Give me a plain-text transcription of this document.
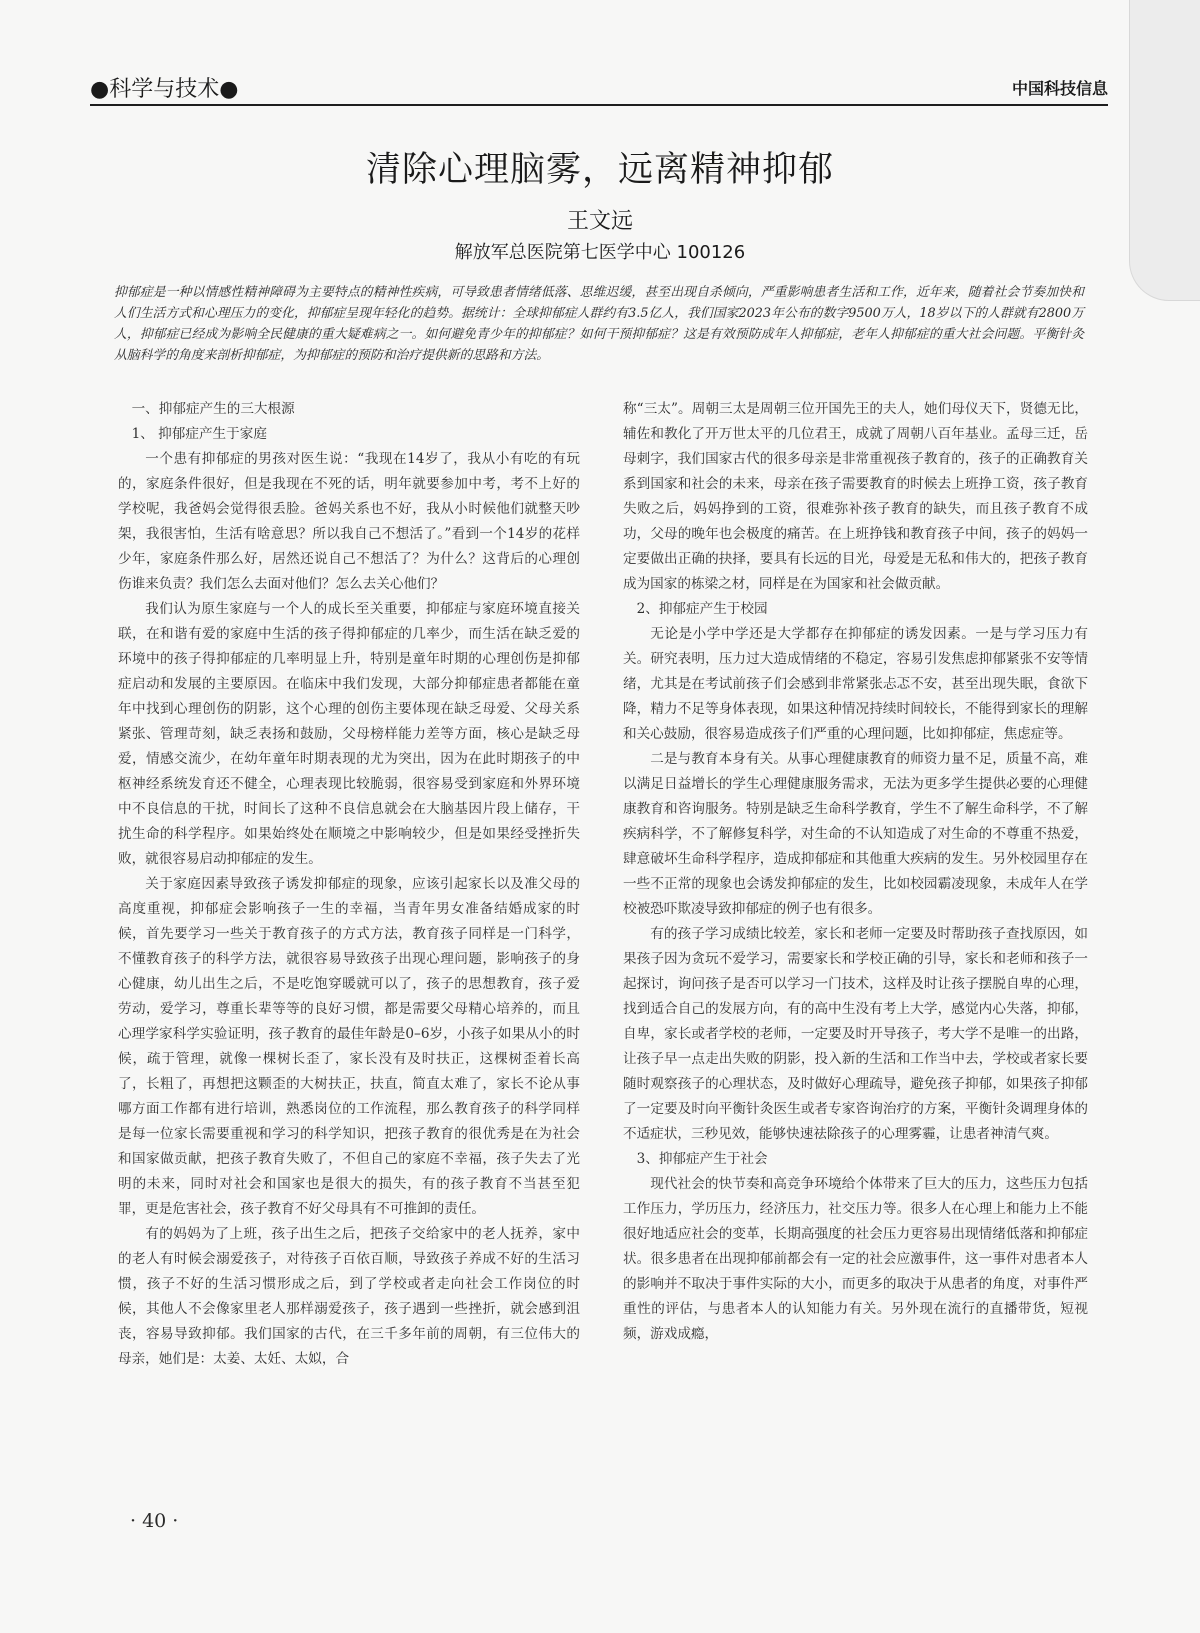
●科学与技术●	中国科技信息
清除心理脑雾，远离精神抑郁
王文远
解放军总医院第七医学中心 100126

抑郁症是一种以情感性精神障碍为主要特点的精神性疾病，可导致患者情绪低落、思维迟缓，甚至出现自杀倾向，严重影响患者生活和工作，近年来，随着社会节奏加快和人们生活方式和心理压力的变化，抑郁症呈现年轻化的趋势。据统计：全球抑郁症人群约有3.5亿人，我们国家2023年公布的数字9500万人，18岁以下的人群就有2800万人，抑郁症已经成为影响全民健康的重大疑难病之一。如何避免青少年的抑郁症？如何干预抑郁症？这是有效预防成年人抑郁症，老年人抑郁症的重大社会问题。平衡针灸从脑科学的角度来剖析抑郁症，为抑郁症的预防和治疗提供新的思路和方法。

一、抑郁症产生的三大根源

1、 抑郁症产生于家庭

一个患有抑郁症的男孩对医生说：“我现在14岁了，我从小有吃的有玩的，家庭条件很好，但是我现在不死的话，明年就要参加中考，考不上好的学校呢，我爸妈会觉得很丢脸。爸妈关系也不好，我从小时候他们就整天吵架，我很害怕，生活有啥意思？所以我自己不想活了。”看到一个14岁的花样少年，家庭条件那么好，居然还说自己不想活了？为什么？这背后的心理创伤谁来负责？我们怎么去面对他们？怎么去关心他们？

我们认为原生家庭与一个人的成长至关重要，抑郁症与家庭环境直接关联，在和谐有爱的家庭中生活的孩子得抑郁症的几率少，而生活在缺乏爱的环境中的孩子得抑郁症的几率明显上升，特别是童年时期的心理创伤是抑郁症启动和发展的主要原因。在临床中我们发现，大部分抑郁症患者都能在童年中找到心理创伤的阴影，这个心理的创伤主要体现在缺乏母爱、父母关系紧张、管理苛刻，缺乏表扬和鼓励，父母榜样能力差等方面，核心是缺乏母爱，情感交流少，在幼年童年时期表现的尤为突出，因为在此时期孩子的中枢神经系统发育还不健全，心理表现比较脆弱，很容易受到家庭和外界环境中不良信息的干扰，时间长了这种不良信息就会在大脑基因片段上储存，干扰生命的科学程序。如果始终处在顺境之中影响较少，但是如果经受挫折失败，就很容易启动抑郁症的发生。

关于家庭因素导致孩子诱发抑郁症的现象，应该引起家长以及准父母的高度重视，抑郁症会影响孩子一生的幸福，当青年男女准备结婚成家的时候，首先要学习一些关于教育孩子的方式方法，教育孩子同样是一门科学，不懂教育孩子的科学方法，就很容易导致孩子出现心理问题，影响孩子的身心健康，幼儿出生之后，不是吃饱穿暖就可以了，孩子的思想教育，孩子爱劳动，爱学习，尊重长辈等等的良好习惯，都是需要父母精心培养的，而且心理学家科学实验证明，孩子教育的最佳年龄是0–6岁，小孩子如果从小的时候，疏于管理，就像一棵树长歪了，家长没有及时扶正，这棵树歪着长高了，长粗了，再想把这颗歪的大树扶正，扶直，简直太难了，家长不论从事哪方面工作都有进行培训，熟悉岗位的工作流程，那么教育孩子的科学同样是每一位家长需要重视和学习的科学知识，把孩子教育的很优秀是在为社会和国家做贡献，把孩子教育失败了，不但自己的家庭不幸福，孩子失去了光明的未来，同时对社会和国家也是很大的损失，有的孩子教育不当甚至犯罪，更是危害社会，孩子教育不好父母具有不可推卸的责任。

有的妈妈为了上班，孩子出生之后，把孩子交给家中的老人抚养，家中的老人有时候会溺爱孩子，对待孩子百依百顺，导致孩子养成不好的生活习惯，孩子不好的生活习惯形成之后，到了学校或者走向社会工作岗位的时候，其他人不会像家里老人那样溺爱孩子，孩子遇到一些挫折，就会感到沮丧，容易导致抑郁。我们国家的古代，在三千多年前的周朝，有三位伟大的母亲，她们是：太姜、太妊、太姒，合

称“三太”。周朝三太是周朝三位开国先王的夫人，她们母仪天下，贤德无比，辅佐和教化了开万世太平的几位君王，成就了周朝八百年基业。孟母三迁，岳母刺字，我们国家古代的很多母亲是非常重视孩子教育的，孩子的正确教育关系到国家和社会的未来，母亲在孩子需要教育的时候去上班挣工资，孩子教育失败之后，妈妈挣到的工资，很难弥补孩子教育的缺失，而且孩子教育不成功，父母的晚年也会极度的痛苦。在上班挣钱和教育孩子中间，孩子的妈妈一定要做出正确的抉择，要具有长远的目光，母爱是无私和伟大的，把孩子教育成为国家的栋梁之材，同样是在为国家和社会做贡献。

2、抑郁症产生于校园

无论是小学中学还是大学都存在抑郁症的诱发因素。一是与学习压力有关。研究表明，压力过大造成情绪的不稳定，容易引发焦虑抑郁紧张不安等情绪，尤其是在考试前孩子们会感到非常紧张忐忑不安，甚至出现失眠，食欲下降，精力不足等身体表现，如果这种情况持续时间较长，不能得到家长的理解和关心鼓励，很容易造成孩子们严重的心理问题，比如抑郁症，焦虑症等。

二是与教育本身有关。从事心理健康教育的师资力量不足，质量不高，难以满足日益增长的学生心理健康服务需求，无法为更多学生提供必要的心理健康教育和咨询服务。特别是缺乏生命科学教育，学生不了解生命科学，不了解疾病科学，不了解修复科学，对生命的不认知造成了对生命的不尊重不热爱，肆意破坏生命科学程序，造成抑郁症和其他重大疾病的发生。另外校园里存在一些不正常的现象也会诱发抑郁症的发生，比如校园霸凌现象，未成年人在学校被恐吓欺凌导致抑郁症的例子也有很多。

有的孩子学习成绩比较差，家长和老师一定要及时帮助孩子查找原因，如果孩子因为贪玩不爱学习，需要家长和学校正确的引导，家长和老师和孩子一起探讨，询问孩子是否可以学习一门技术，这样及时让孩子摆脱自卑的心理，找到适合自己的发展方向，有的高中生没有考上大学，感觉内心失落，抑郁，自卑，家长或者学校的老师，一定要及时开导孩子，考大学不是唯一的出路，让孩子早一点走出失败的阴影，投入新的生活和工作当中去，学校或者家长要随时观察孩子的心理状态，及时做好心理疏导，避免孩子抑郁，如果孩子抑郁了一定要及时向平衡针灸医生或者专家咨询治疗的方案，平衡针灸调理身体的不适症状，三秒见效，能够快速祛除孩子的心理雾霾，让患者神清气爽。

3、抑郁症产生于社会

现代社会的快节奏和高竞争环境给个体带来了巨大的压力，这些压力包括工作压力，学历压力，经济压力，社交压力等。很多人在心理上和能力上不能很好地适应社会的变革，长期高强度的社会压力更容易出现情绪低落和抑郁症状。很多患者在出现抑郁前都会有一定的社会应激事件，这一事件对患者本人的影响并不取决于事件实际的大小，而更多的取决于从患者的角度，对事件严重性的评估，与患者本人的认知能力有关。另外现在流行的直播带货，短视频，游戏成瘾，

· 40 ·
